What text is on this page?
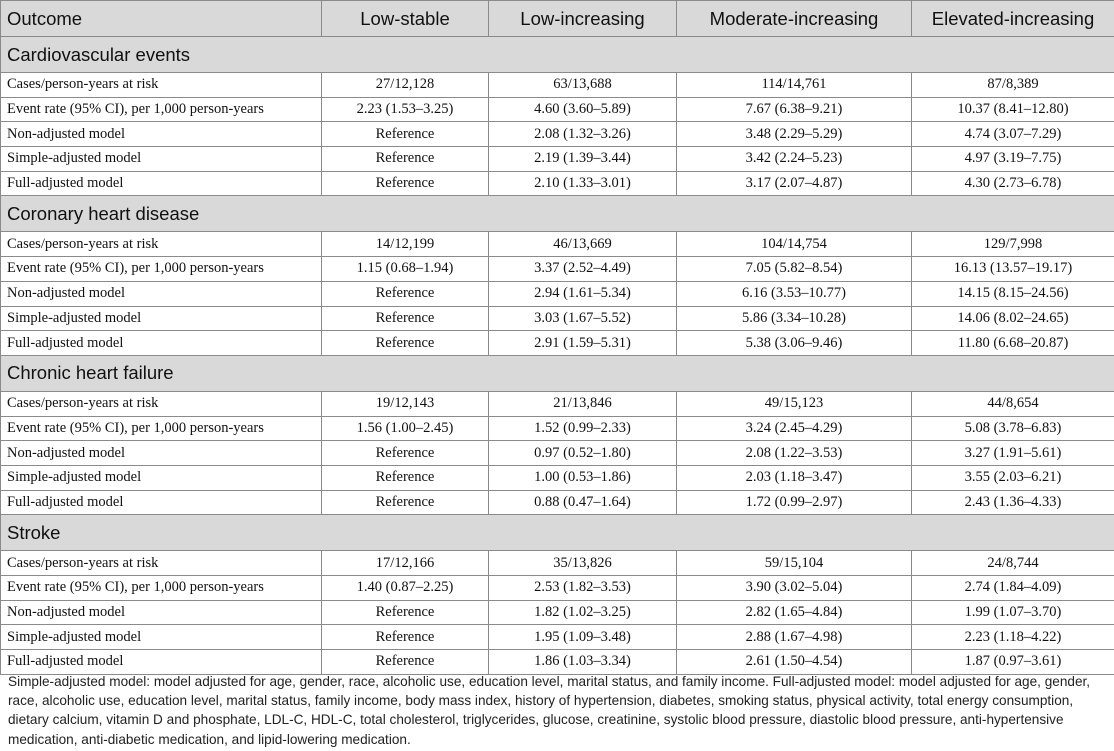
Outcome	Low-stable	Low-increasing	Moderate-increasing	Elevated-increasing
Cardiovascular events				
Cases/person-years at risk	27/12,128	63/13,688	114/14,761	87/8,389
Event rate (95% CI), per 1,000 person-years	2.23 (1.53–3.25)	4.60 (3.60–5.89)	7.67 (6.38–9.21)	10.37 (8.41–12.80)
Non-adjusted model	Reference	2.08 (1.32–3.26)	3.48 (2.29–5.29)	4.74 (3.07–7.29)
Simple-adjusted model	Reference	2.19 (1.39–3.44)	3.42 (2.24–5.23)	4.97 (3.19–7.75)
Full-adjusted model	Reference	2.10 (1.33–3.01)	3.17 (2.07–4.87)	4.30 (2.73–6.78)
Coronary heart disease				
Cases/person-years at risk	14/12,199	46/13,669	104/14,754	129/7,998
Event rate (95% CI), per 1,000 person-years	1.15 (0.68–1.94)	3.37 (2.52–4.49)	7.05 (5.82–8.54)	16.13 (13.57–19.17)
Non-adjusted model	Reference	2.94 (1.61–5.34)	6.16 (3.53–10.77)	14.15 (8.15–24.56)
Simple-adjusted model	Reference	3.03 (1.67–5.52)	5.86 (3.34–10.28)	14.06 (8.02–24.65)
Full-adjusted model	Reference	2.91 (1.59–5.31)	5.38 (3.06–9.46)	11.80 (6.68–20.87)
Chronic heart failure				
Cases/person-years at risk	19/12,143	21/13,846	49/15,123	44/8,654
Event rate (95% CI), per 1,000 person-years	1.56 (1.00–2.45)	1.52 (0.99–2.33)	3.24 (2.45–4.29)	5.08 (3.78–6.83)
Non-adjusted model	Reference	0.97 (0.52–1.80)	2.08 (1.22–3.53)	3.27 (1.91–5.61)
Simple-adjusted model	Reference	1.00 (0.53–1.86)	2.03 (1.18–3.47)	3.55 (2.03–6.21)
Full-adjusted model	Reference	0.88 (0.47–1.64)	1.72 (0.99–2.97)	2.43 (1.36–4.33)
Stroke				
Cases/person-years at risk	17/12,166	35/13,826	59/15,104	24/8,744
Event rate (95% CI), per 1,000 person-years	1.40 (0.87–2.25)	2.53 (1.82–3.53)	3.90 (3.02–5.04)	2.74 (1.84–4.09)
Non-adjusted model	Reference	1.82 (1.02–3.25)	2.82 (1.65–4.84)	1.99 (1.07–3.70)
Simple-adjusted model	Reference	1.95 (1.09–3.48)	2.88 (1.67–4.98)	2.23 (1.18–4.22)
Full-adjusted model	Reference	1.86 (1.03–3.34)	2.61 (1.50–4.54)	1.87 (0.97–3.61)

Simple-adjusted model: model adjusted for age, gender, race, alcoholic use, education level, marital status, and family income. Full-adjusted model: model adjusted for age, gender, race, alcoholic use, education level, marital status, family income, body mass index, history of hypertension, diabetes, smoking status, physical activity, total energy consumption, dietary calcium, vitamin D and phosphate, LDL-C, HDL-C, total cholesterol, triglycerides, glucose, creatinine, systolic blood pressure, diastolic blood pressure, anti-hypertensive medication, anti-diabetic medication, and lipid-lowering medication.
